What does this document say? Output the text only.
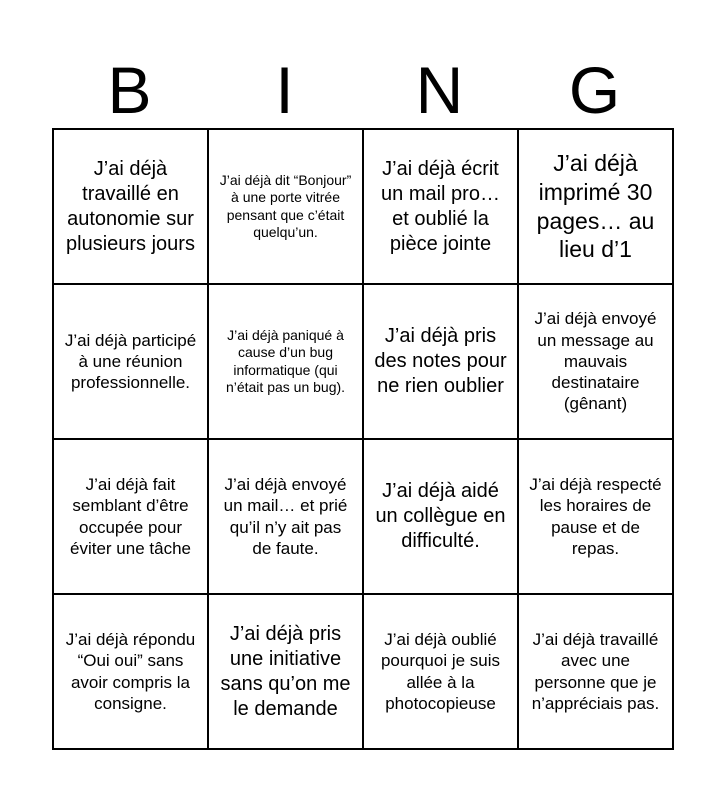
B	I	N	G
J’ai déjà travaillé en autonomie sur plusieurs jours	J’ai déjà dit “Bonjour” à une porte vitrée pensant que c’était quelqu’un.	J’ai déjà écrit un mail pro… et oublié la pièce jointe	J’ai déjà imprimé 30 pages… au lieu d’1
J’ai déjà participé à une réunion professionnelle.	J’ai déjà paniqué à cause d’un bug informatique (qui n’était pas un bug).	J’ai déjà pris des notes pour ne rien oublier	J’ai déjà envoyé un message au mauvais destinataire (gênant)
J’ai déjà fait semblant d’être occupée pour éviter une tâche	J’ai déjà envoyé un mail… et prié qu’il n’y ait pas de faute.	J’ai déjà aidé un collègue en difficulté.	J’ai déjà respecté les horaires de pause et de repas.
J’ai déjà répondu “Oui oui” sans avoir compris la consigne.	J’ai déjà pris une initiative sans qu’on me le demande	J’ai déjà oublié pourquoi je suis allée à la photocopieuse	J’ai déjà travaillé avec une personne que je n’appréciais pas.
